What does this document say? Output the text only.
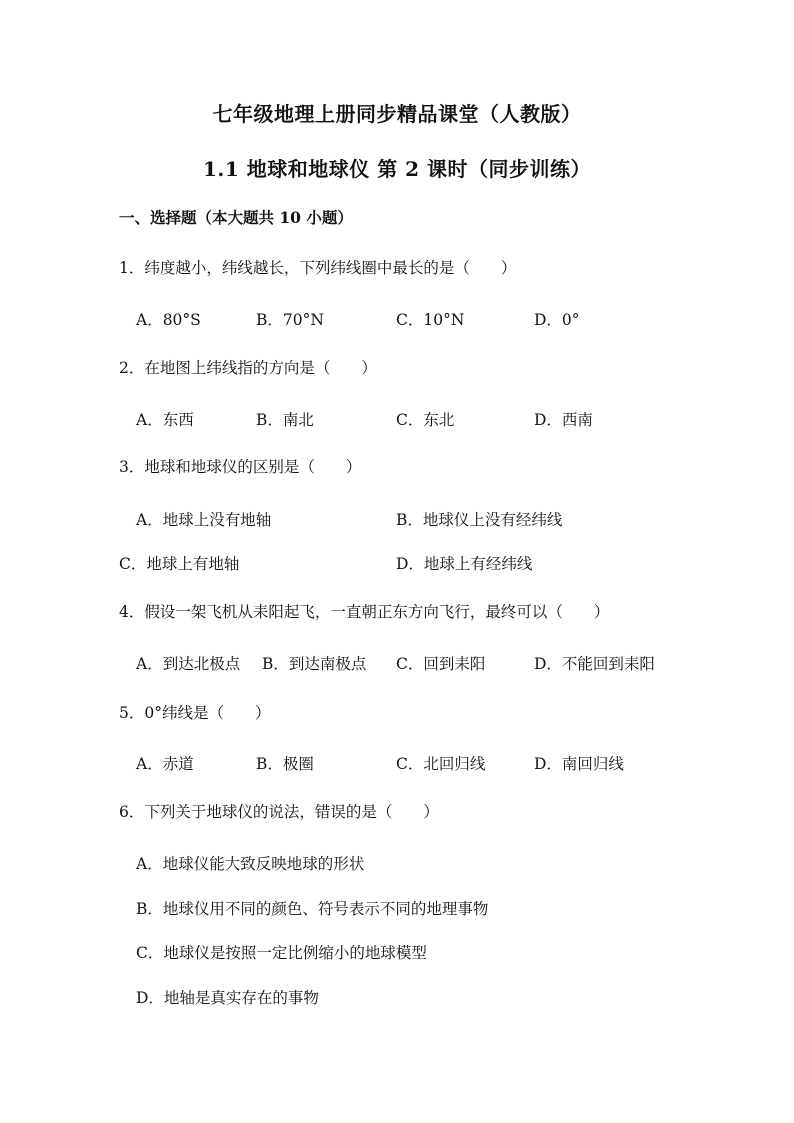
七年级地理上册同步精品课堂（人教版）
1.1 地球和地球仪 第 2 课时（同步训练）
一、选择题（本大题共 10 小题）
1．纬度越小，纬线越长，下列纬线圈中最长的是（　　）
A．80°S	B．70°N	C．10°N	D．0°
2．在地图上纬线指的方向是（　　）
A．东西	B．南北	C．东北	D．西南
3．地球和地球仪的区别是（　　）
A．地球上没有地轴	B．地球仪上没有经纬线
C．地球上有地轴	D．地球上有经纬线
4．假设一架飞机从耒阳起飞，一直朝正东方向飞行，最终可以（　　）
A．到达北极点 B．到达南极点 C．回到耒阳	D．不能回到耒阳
5．0°纬线是（　　）
A．赤道	B．极圈	C．北回归线	D．南回归线
6．下列关于地球仪的说法，错误的是（　　）
A．地球仪能大致反映地球的形状
B．地球仪用不同的颜色、符号表示不同的地理事物
C．地球仪是按照一定比例缩小的地球模型
D．地轴是真实存在的事物
